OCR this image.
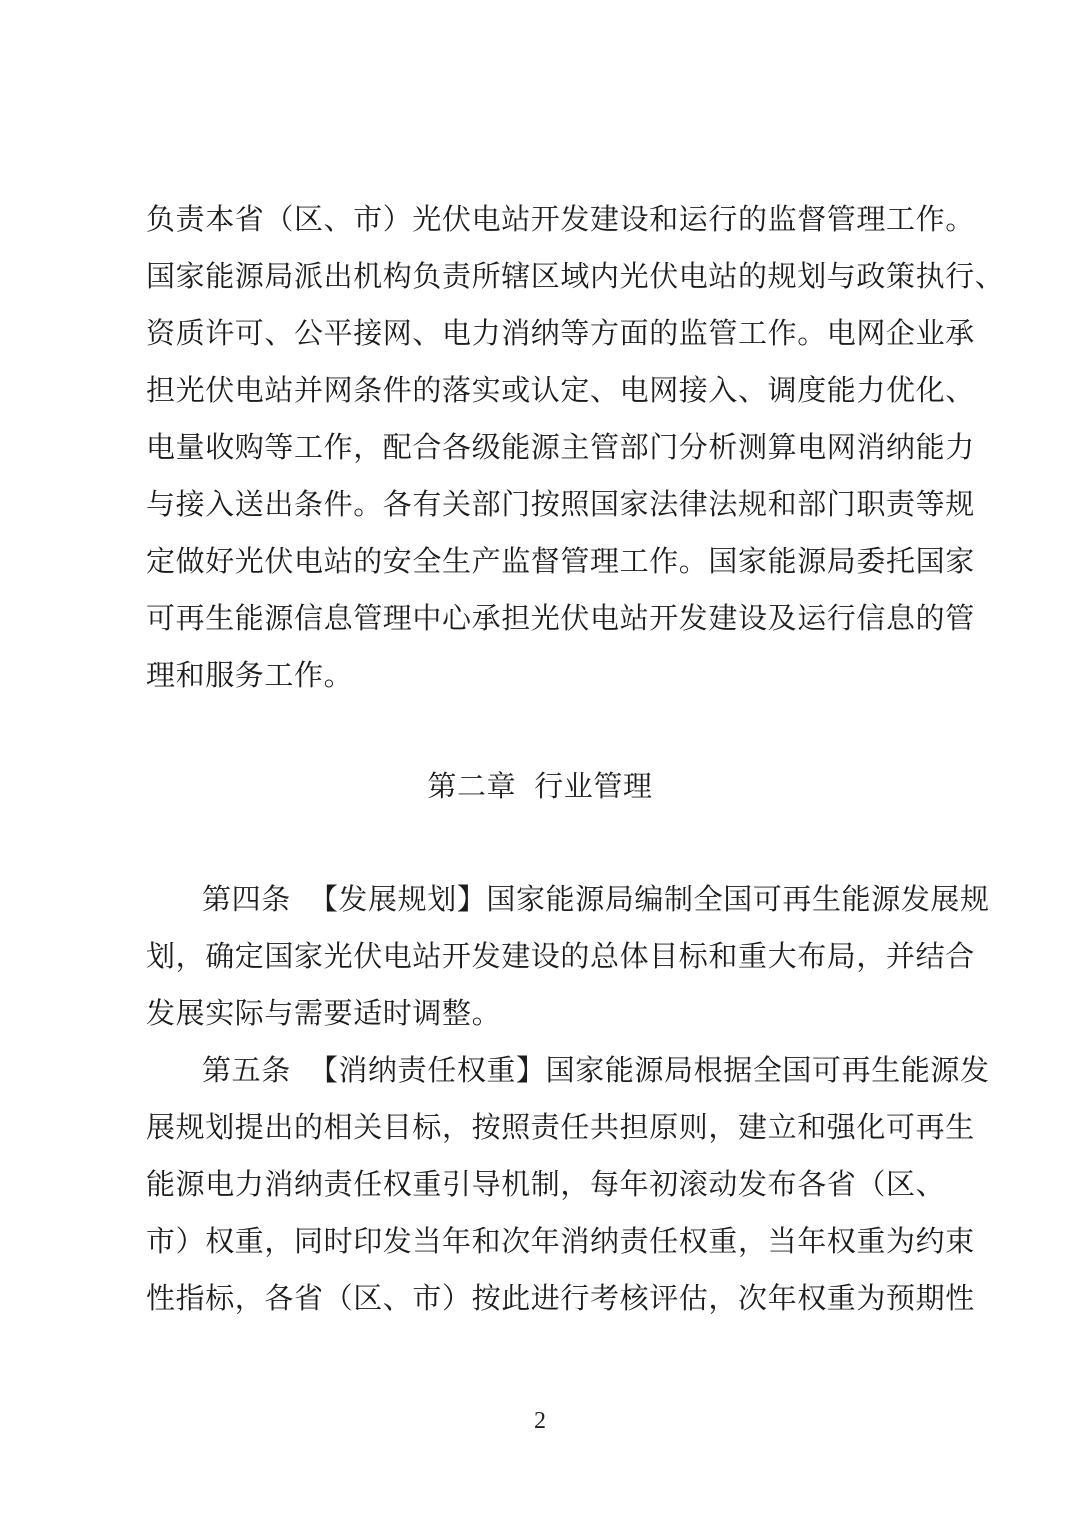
负责本省（区、市）光伏电站开发建设和运行的监督管理工作。
国家能源局派出机构负责所辖区域内光伏电站的规划与政策执行、
资质许可、公平接网、电力消纳等方面的监管工作。电网企业承
担光伏电站并网条件的落实或认定、电网接入、调度能力优化、
电量收购等工作，配合各级能源主管部门分析测算电网消纳能力
与接入送出条件。各有关部门按照国家法律法规和部门职责等规
定做好光伏电站的安全生产监督管理工作。国家能源局委托国家
可再生能源信息管理中心承担光伏电站开发建设及运行信息的管
理和服务工作。
第二章 行业管理
第四条 【发展规划】国家能源局编制全国可再生能源发展规
划，确定国家光伏电站开发建设的总体目标和重大布局，并结合
发展实际与需要适时调整。
第五条 【消纳责任权重】国家能源局根据全国可再生能源发
展规划提出的相关目标，按照责任共担原则，建立和强化可再生
能源电力消纳责任权重引导机制，每年初滚动发布各省（区、
市）权重，同时印发当年和次年消纳责任权重，当年权重为约束
性指标，各省（区、市）按此进行考核评估，次年权重为预期性
2
